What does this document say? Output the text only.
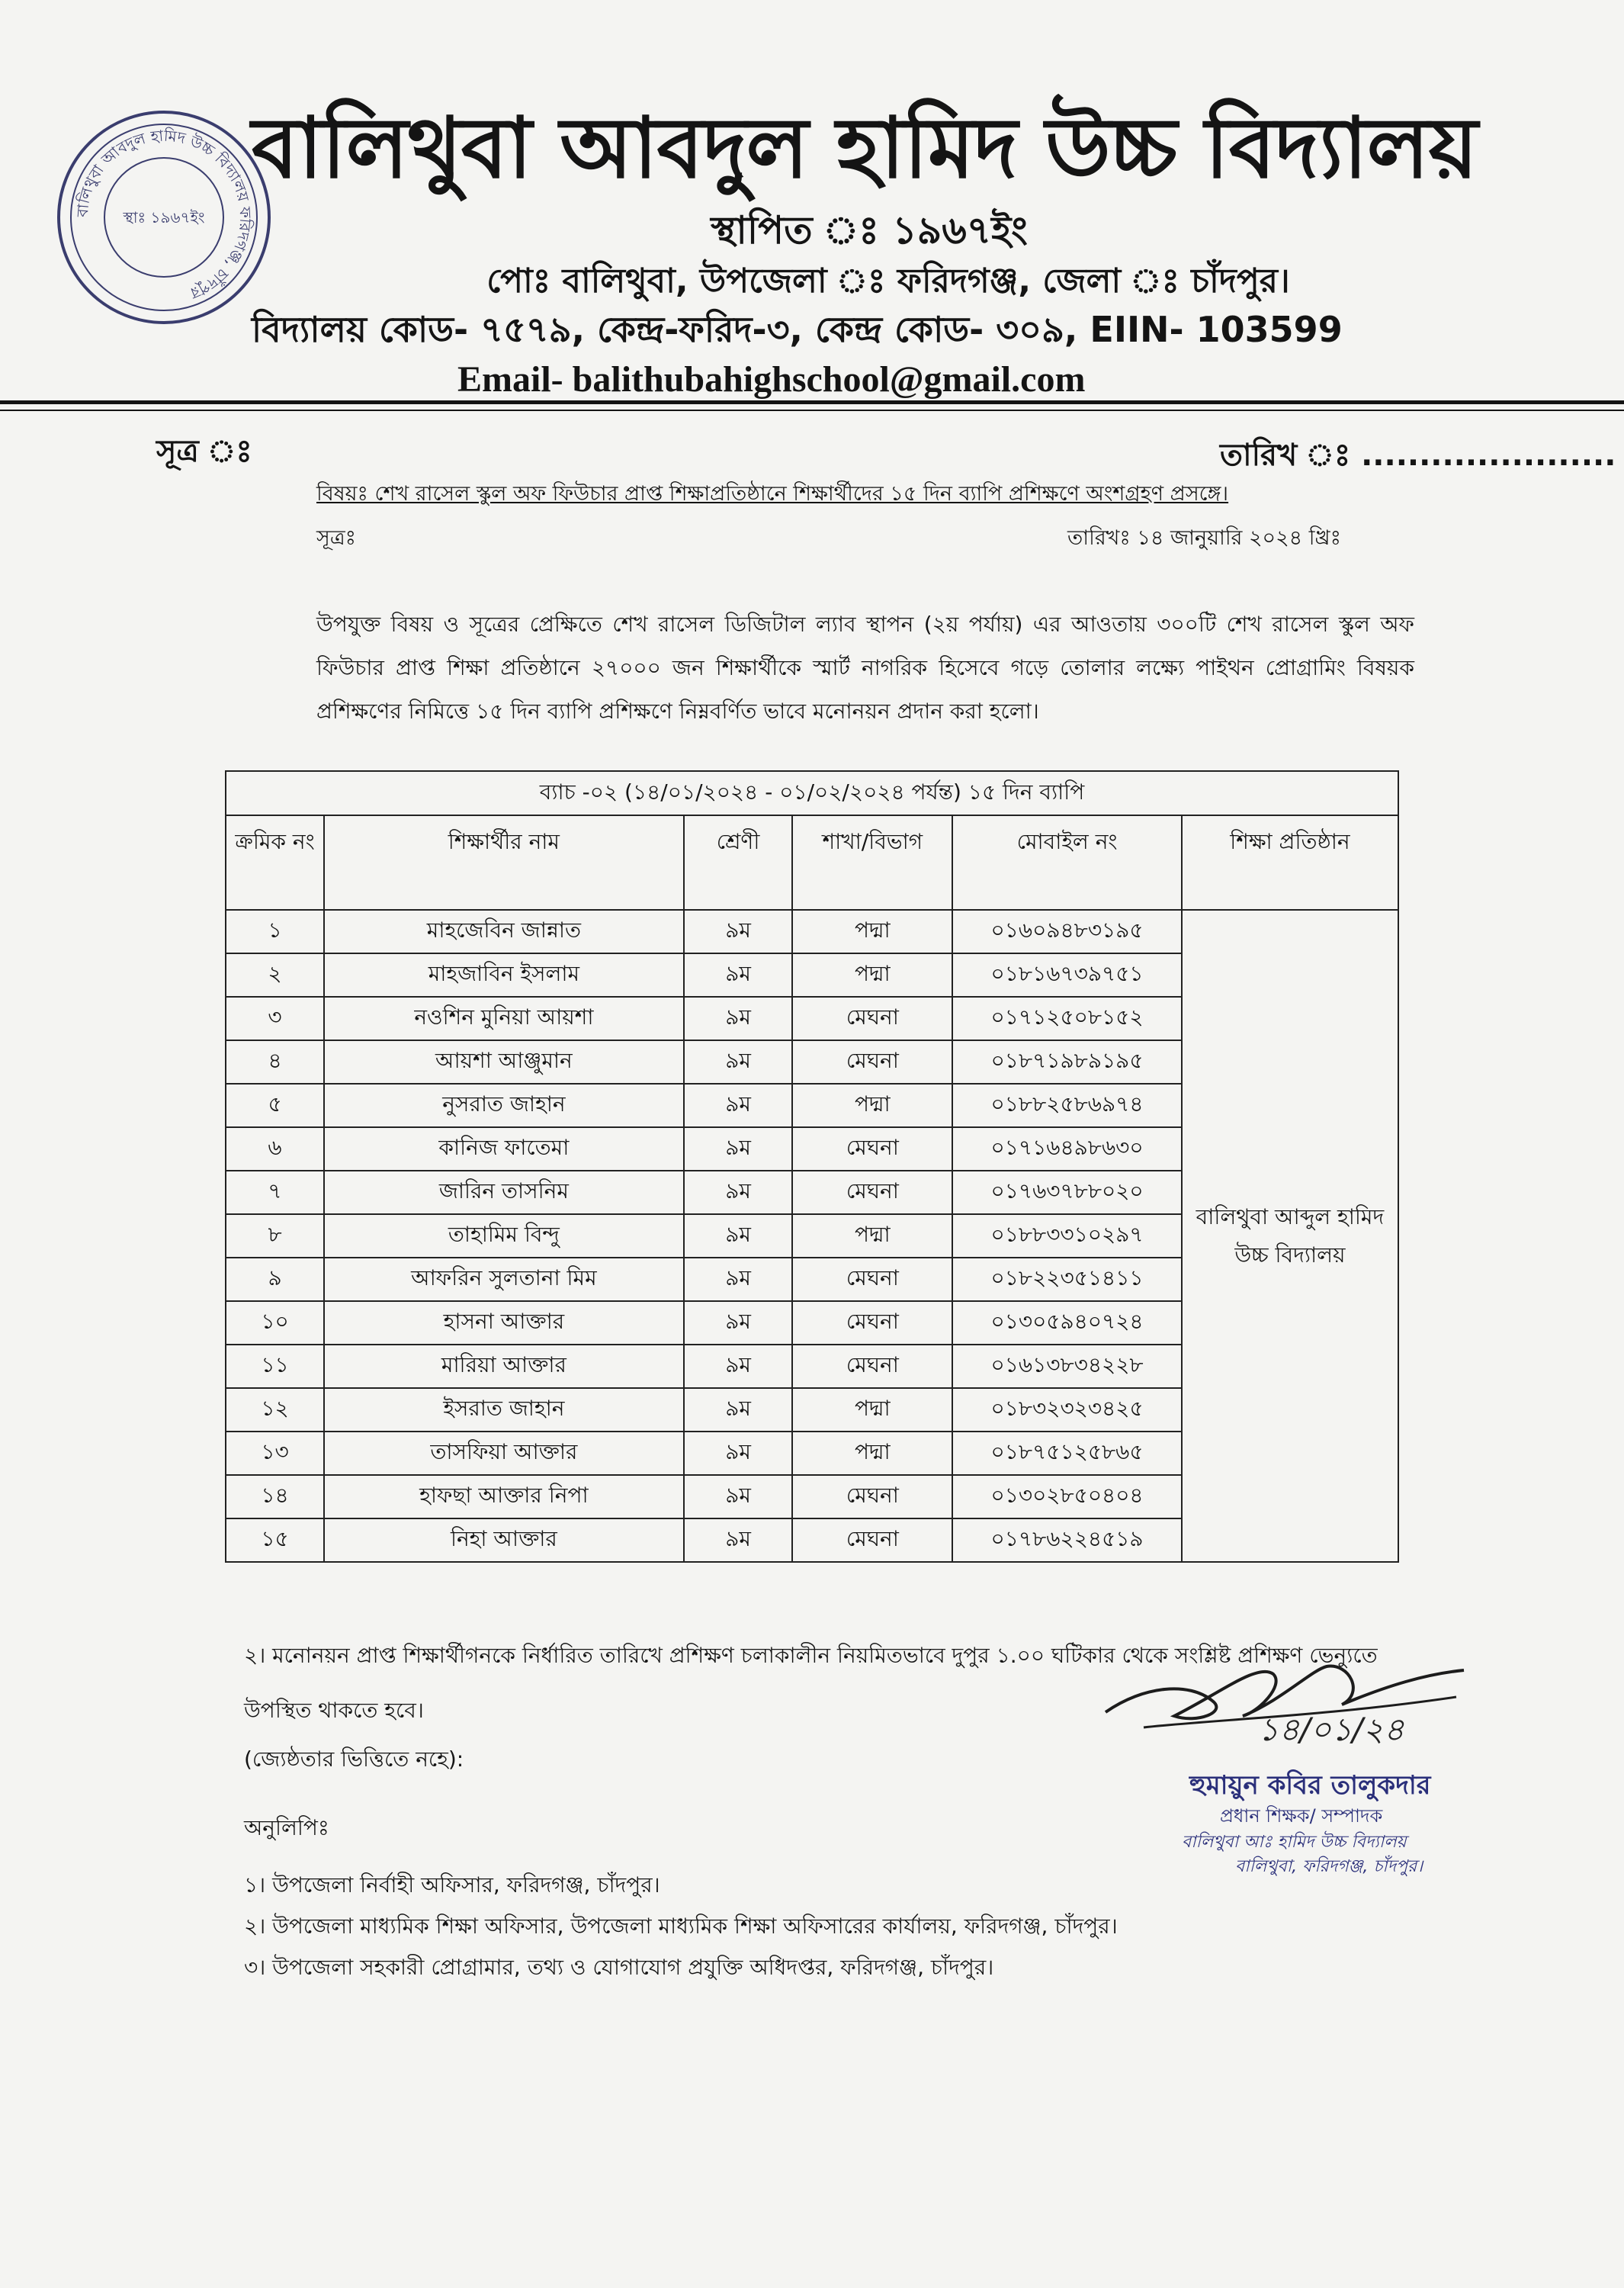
বালিথুবা আবদুল হামিদ উচ্চ বিদ্যালয় ফরিদগঞ্জ, চাঁদপুর
স্থাঃ ১৯৬৭ইং
বালিথুবা আবদুল হামিদ উচ্চ বিদ্যালয়
স্থাপিত ঃ ১৯৬৭ইং
পোঃ বালিথুবা, উপজেলা ঃ ফরিদগঞ্জ, জেলা ঃ চাঁদপুর।
বিদ্যালয় কোড- ৭৫৭৯, কেন্দ্র-ফরিদ-৩, কেন্দ্র কোড- ৩০৯, EIIN- 103599
Email- balithubahighschool@gmail.com
সূত্র ঃ	তারিখ ঃ ......................
বিষয়ঃ শেখ রাসেল স্কুল অফ ফিউচার প্রাপ্ত শিক্ষাপ্রতিষ্ঠানে শিক্ষার্থীদের ১৫ দিন ব্যাপি প্রশিক্ষণে অংশগ্রহণ প্রসঙ্গে।
সূত্রঃ	তারিখঃ ১৪ জানুয়ারি ২০২৪ খ্রিঃ
উপযুক্ত বিষয় ও সূত্রের প্রেক্ষিতে শেখ রাসেল ডিজিটাল ল্যাব স্থাপন (২য় পর্যায়) এর আওতায় ৩০০টি শেখ রাসেল স্কুল অফ ফিউচার প্রাপ্ত শিক্ষা প্রতিষ্ঠানে ২৭০০০ জন শিক্ষার্থীকে স্মার্ট নাগরিক হিসেবে গড়ে তোলার লক্ষ্যে পাইথন প্রোগ্রামিং বিষয়ক প্রশিক্ষণের নিমিত্তে ১৫ দিন ব্যাপি প্রশিক্ষণে নিম্নবর্ণিত ভাবে মনোনয়ন প্রদান করা হলো।
ব্যাচ -০২ (১৪/০১/২০২৪ - ০১/০২/২০২৪ পর্যন্ত) ১৫ দিন ব্যাপি					
ক্রমিক নং	শিক্ষার্থীর নাম	শ্রেণী	শাখা/বিভাগ	মোবাইল নং	শিক্ষা প্রতিষ্ঠান
১	মাহজেবিন জান্নাত	৯ম	পদ্মা	০১৬০৯৪৮৩১৯৫	বালিথুবা আব্দুল হামিদ উচ্চ বিদ্যালয়
২	মাহজাবিন ইসলাম	৯ম	পদ্মা	০১৮১৬৭৩৯৭৫১	
৩	নওশিন মুনিয়া আয়শা	৯ম	মেঘনা	০১৭১২৫০৮১৫২	
৪	আয়শা আঞ্জুমান	৯ম	মেঘনা	০১৮৭১৯৮৯১৯৫	
৫	নুসরাত জাহান	৯ম	পদ্মা	০১৮৮২৫৮৬৯৭৪	
৬	কানিজ ফাতেমা	৯ম	মেঘনা	০১৭১৬৪৯৮৬৩০	
৭	জারিন তাসনিম	৯ম	মেঘনা	০১৭৬৩৭৮৮০২০	
৮	তাহামিম বিন্দু	৯ম	পদ্মা	০১৮৮৩৩১০২৯৭	
৯	আফরিন সুলতানা মিম	৯ম	মেঘনা	০১৮২২৩৫১৪১১	
১০	হাসনা আক্তার	৯ম	মেঘনা	০১৩০৫৯৪০৭২৪	
১১	মারিয়া আক্তার	৯ম	মেঘনা	০১৬১৩৮৩৪২২৮	
১২	ইসরাত জাহান	৯ম	পদ্মা	০১৮৩২৩২৩৪২৫	
১৩	তাসফিয়া আক্তার	৯ম	পদ্মা	০১৮৭৫১২৫৮৬৫	
১৪	হাফছা আক্তার নিপা	৯ম	মেঘনা	০১৩০২৮৫০৪০৪	
১৫	নিহা আক্তার	৯ম	মেঘনা	০১৭৮৬২২৪৫১৯	
২। মনোনয়ন প্রাপ্ত শিক্ষার্থীগনকে নির্ধারিত তারিখে প্রশিক্ষণ চলাকালীন নিয়মিতভাবে দুপুর ১.০০ ঘটিকার থেকে সংশ্লিষ্ট প্রশিক্ষণ ভেন্যুতে উপস্থিত থাকতে হবে।
(জ্যেষ্ঠতার ভিত্তিতে নহে):
অনুলিপিঃ
১। উপজেলা নির্বাহী অফিসার, ফরিদগঞ্জ, চাঁদপুর।
২। উপজেলা মাধ্যমিক শিক্ষা অফিসার, উপজেলা মাধ্যমিক শিক্ষা অফিসারের কার্যালয়, ফরিদগঞ্জ, চাঁদপুর।
৩। উপজেলা সহকারী প্রোগ্রামার, তথ্য ও যোগাযোগ প্রযুক্তি অধিদপ্তর, ফরিদগঞ্জ, চাঁদপুর।
১৪/০১/২৪
হুমায়ুন কবির তালুকদার
প্রধান শিক্ষক/ সম্পাদক
বালিথুবা আঃ হামিদ উচ্চ বিদ্যালয়
বালিথুবা, ফরিদগঞ্জ, চাঁদপুর।
